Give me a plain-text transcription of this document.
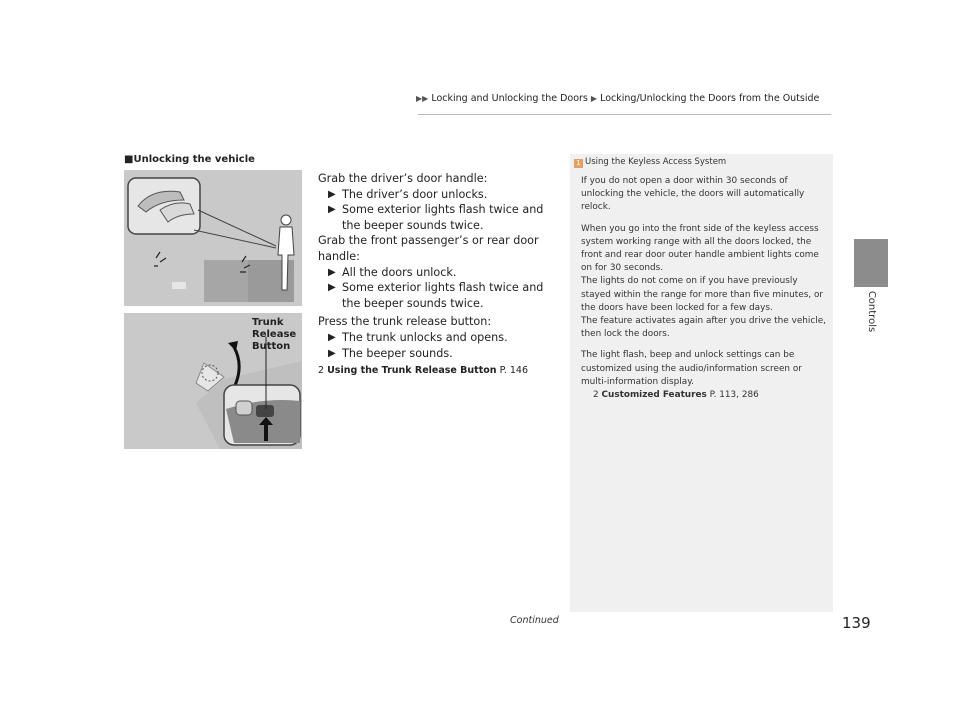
▶▶ Locking and Unlocking the Doors ▶ Locking/Unlocking the Doors from the Outside
Controls
■Unlocking the vehicle
Trunk
Release
Button

Grab the driver’s door handle:

▶ The driver’s door unlocks.

▶ Some exterior lights flash twice and the beeper sounds twice.

Grab the front passenger’s or rear door handle:

▶ All the doors unlock.

▶ Some exterior lights flash twice and the beeper sounds twice.

Press the trunk release button:

▶ The trunk unlocks and opens.

▶ The beeper sounds.

2 Using the Trunk Release Button P. 146

1 Using the Keyless Access System

If you do not open a door within 30 seconds of unlocking the vehicle, the doors will automatically relock.

When you go into the front side of the keyless access system working range with all the doors locked, the front and rear door outer handle ambient lights come on for 30 seconds.

The lights do not come on if you have previously stayed within the range for more than five minutes, or the doors have been locked for a few days.

The feature activates again after you drive the vehicle, then lock the doors.

The light flash, beep and unlock settings can be customized using the audio/information screen or multi-information display.

2 Customized Features P. 113, 286

Continued	139
